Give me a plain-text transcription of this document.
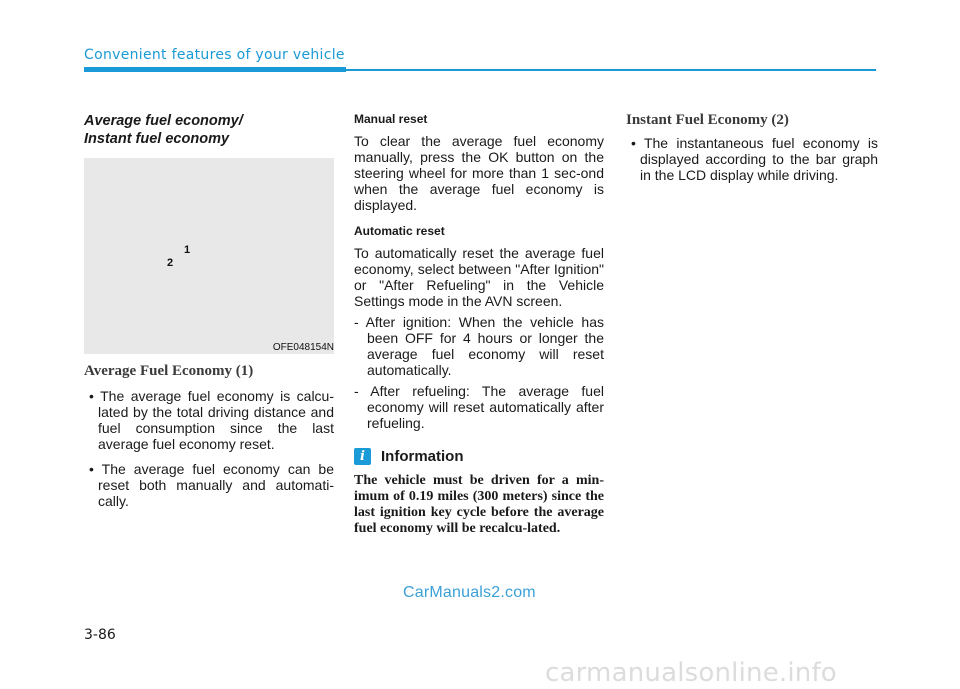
Convenient features of your vehicle

Average fuel economy/
Instant fuel economy

1
2
OFE048154N

Average Fuel Economy (1)

• The average fuel economy is calcu-lated by the total driving distance and fuel consumption since the last average fuel economy reset.
• The average fuel economy can be reset both manually and automati-cally.

Manual reset

To clear the average fuel economy manually, press the OK button on the steering wheel for more than 1 sec-ond when the average fuel economy is displayed.

Automatic reset

To automatically reset the average fuel economy, select between "After Ignition" or "After Refueling" in the Vehicle Settings mode in the AVN screen.

- After ignition: When the vehicle has been OFF for 4 hours or longer the average fuel economy will reset automatically.

- After refueling: The average fuel economy will reset automatically after refueling.

i	Information

The vehicle must be driven for a min-imum of 0.19 miles (300 meters) since the last ignition key cycle before the average fuel economy will be recalcu-lated.

Instant Fuel Economy (2)

• The instantaneous fuel economy is displayed according to the bar graph in the LCD display while driving.
CarManuals2.com
3-86
carmanualsonline.info
